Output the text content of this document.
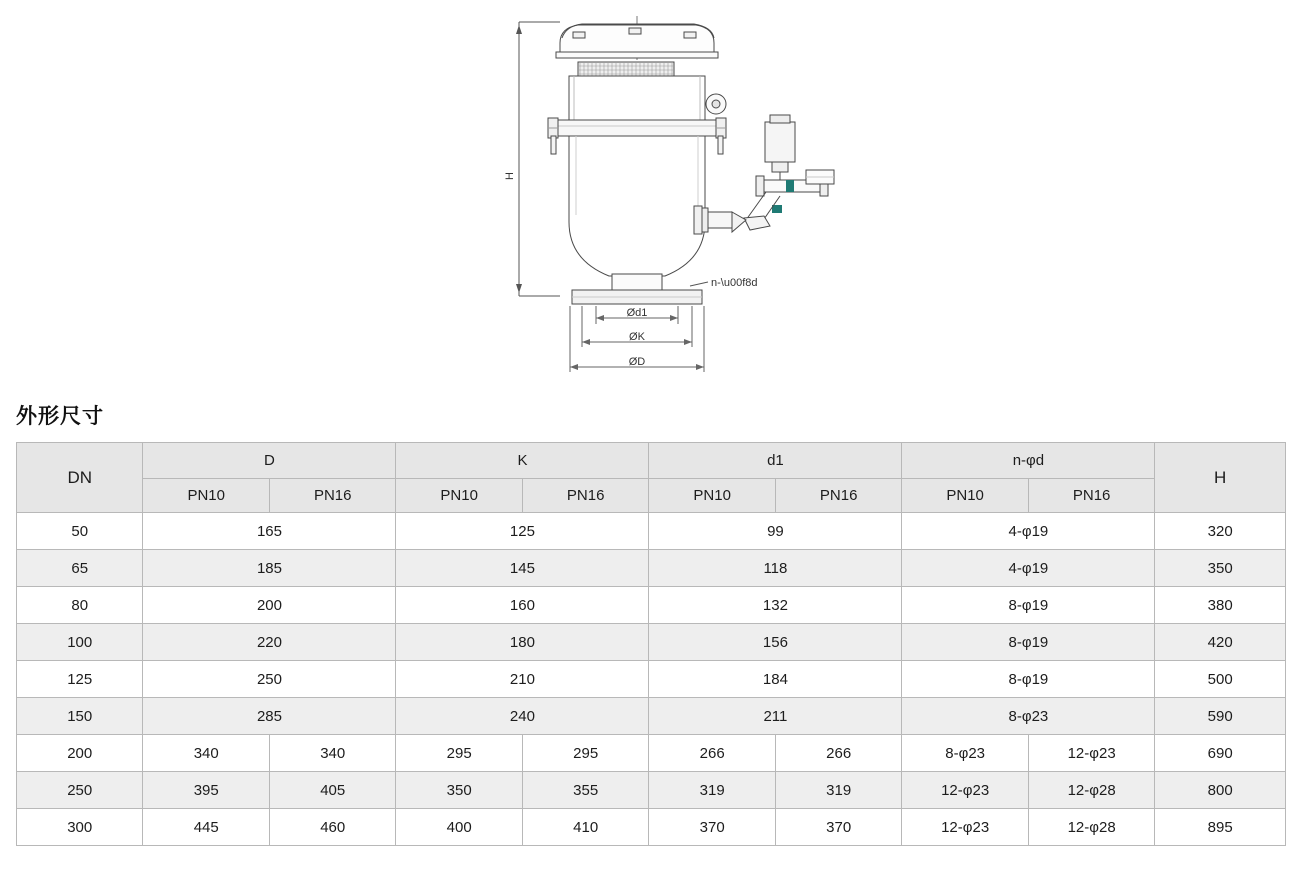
H
n-\u00f8d
Ød1
ØK
ØD
外形尺寸
DN	D		K		d1		n-φd		H
	PN10	PN16	PN10	PN16	PN10	PN16	PN10	PN16	
50	165		125		99		4-φ19		320
65	185		145		118		4-φ19		350
80	200		160		132		8-φ19		380
100	220		180		156		8-φ19		420
125	250		210		184		8-φ19		500
150	285		240		211		8-φ23		590
200	340	340	295	295	266	266	8-φ23	12-φ23	690
250	395	405	350	355	319	319	12-φ23	12-φ28	800
300	445	460	400	410	370	370	12-φ23	12-φ28	895
